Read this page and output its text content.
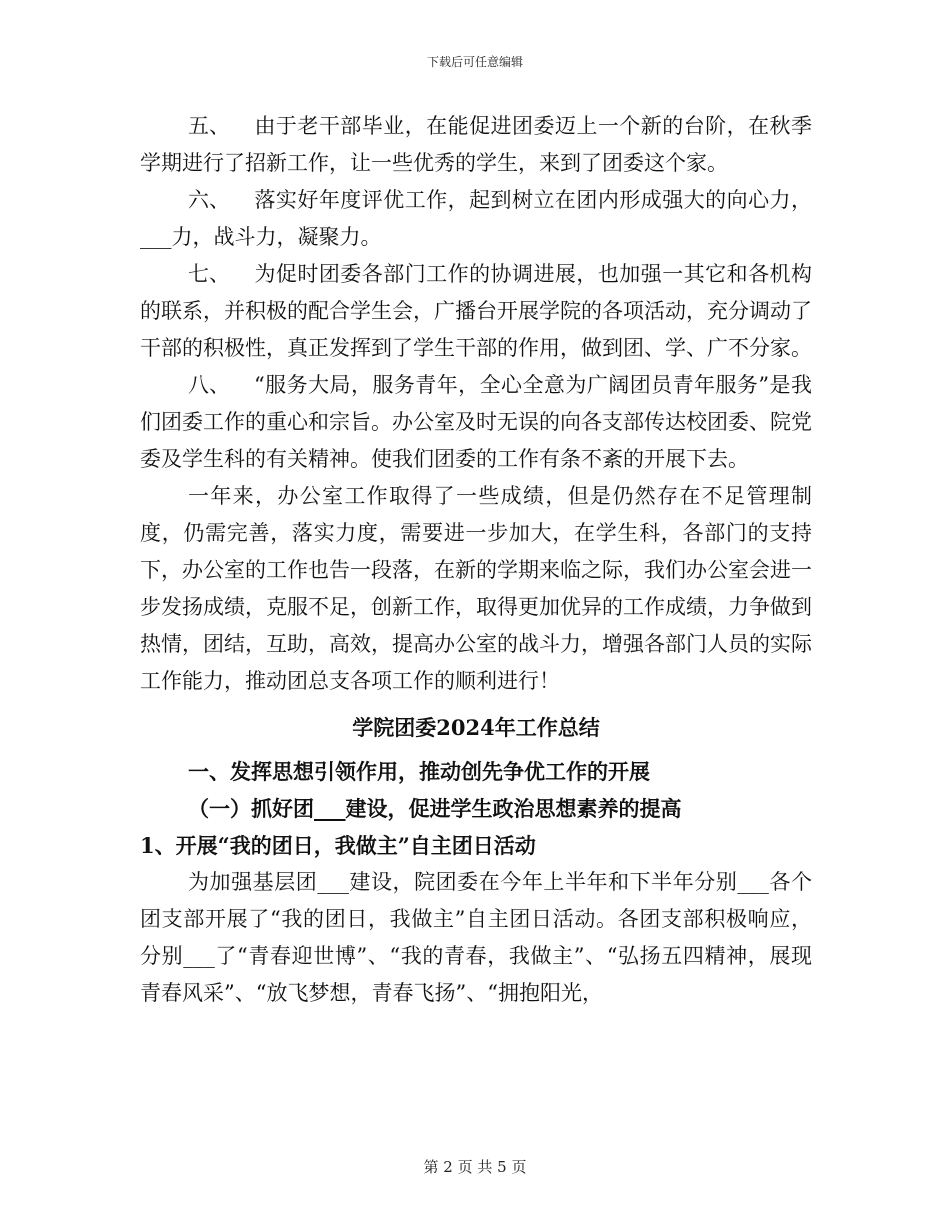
下载后可任意编辑

五、 由于老干部毕业，在能促进团委迈上一个新的台阶，在秋季学期进行了招新工作，让一些优秀的学生，来到了团委这个家。

六、 落实好年度评优工作，起到树立在团内形成强大的向心力，___力，战斗力，凝聚力。

七、 为促时团委各部门工作的协调进展，也加强一其它和各机构的联系，并积极的配合学生会，广播台开展学院的各项活动，充分调动了干部的积极性，真正发挥到了学生干部的作用，做到团、学、广不分家。

八、 “服务大局，服务青年，全心全意为广阔团员青年服务”是我们团委工作的重心和宗旨。办公室及时无误的向各支部传达校团委、院党委及学生科的有关精神。使我们团委的工作有条不紊的开展下去。

一年来，办公室工作取得了一些成绩，但是仍然存在不足管理制度，仍需完善，落实力度，需要进一步加大，在学生科，各部门的支持下，办公室的工作也告一段落，在新的学期来临之际，我们办公室会进一步发扬成绩，克服不足，创新工作，取得更加优异的工作成绩，力争做到热情，团结，互助，高效，提高办公室的战斗力，增强各部门人员的实际工作能力，推动团总支各项工作的顺利进行！

学院团委2024年工作总结

一、发挥思想引领作用，推动创先争优工作的开展

（一）抓好团___建设，促进学生政治思想素养的提高

1、开展“我的团日，我做主”自主团日活动

为加强基层团___建设，院团委在今年上半年和下半年分别___各个团支部开展了“我的团日，我做主”自主团日活动。各团支部积极响应，分别___了“青春迎世博”、“我的青春，我做主”、“弘扬五四精神，展现青春风采”、“放飞梦想，青春飞扬”、“拥抱阳光，

第 2 页 共 5 页
